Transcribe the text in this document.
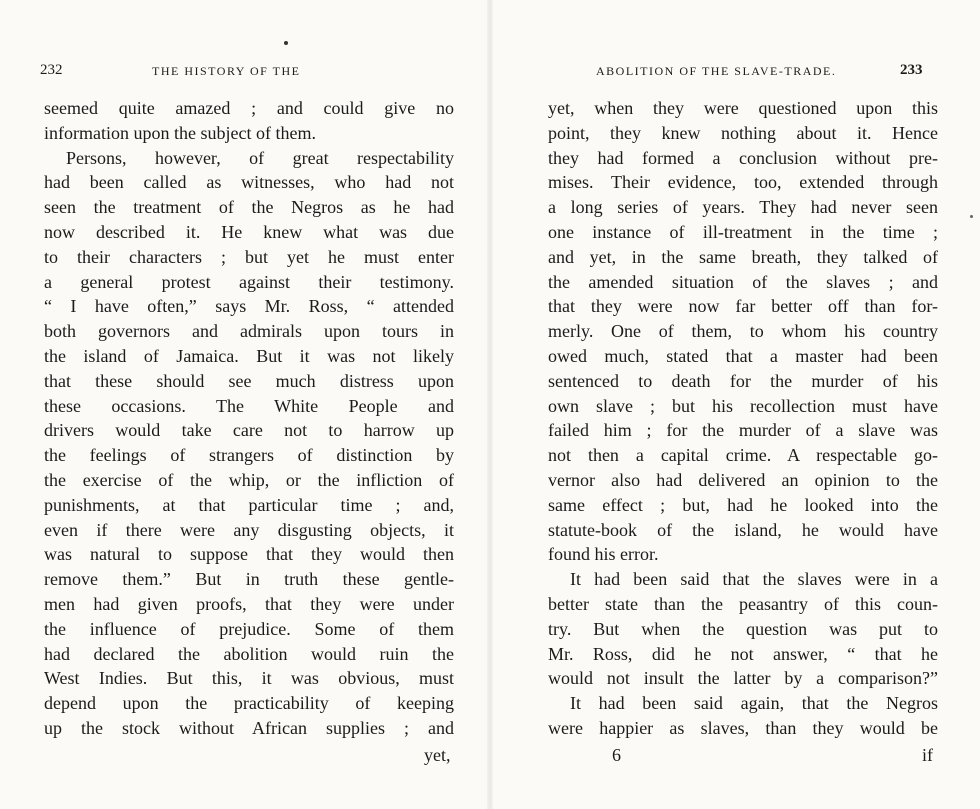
232	THE HISTORY OF THE
seemed quite amazed ; and could give no
information upon the subject of them.
Persons, however, of great respectability
had been called as witnesses, who had not
seen the treatment of the Negros as he had
now described it. He knew what was due
to their characters ; but yet he must enter
a general protest against their testimony.
“ I have often,” says Mr. Ross, “ attended
both governors and admirals upon tours in
the island of Jamaica. But it was not likely
that these should see much distress upon
these occasions. The White People and
drivers would take care not to harrow up
the feelings of strangers of distinction by
the exercise of the whip, or the infliction of
punishments, at that particular time ; and,
even if there were any disgusting objects, it
was natural to suppose that they would then
remove them.” But in truth these gentle-
men had given proofs, that they were under
the influence of prejudice. Some of them
had declared the abolition would ruin the
West Indies. But this, it was obvious, must
depend upon the practicability of keeping
up the stock without African supplies ; and
yet,
ABOLITION OF THE SLAVE-TRADE.	233
yet, when they were questioned upon this
point, they knew nothing about it. Hence
they had formed a conclusion without pre-
mises. Their evidence, too, extended through
a long series of years. They had never seen
one instance of ill-treatment in the time ;
and yet, in the same breath, they talked of
the amended situation of the slaves ; and
that they were now far better off than for-
merly. One of them, to whom his country
owed much, stated that a master had been
sentenced to death for the murder of his
own slave ; but his recollection must have
failed him ; for the murder of a slave was
not then a capital crime. A respectable go-
vernor also had delivered an opinion to the
same effect ; but, had he looked into the
statute-book of the island, he would have
found his error.
It had been said that the slaves were in a
better state than the peasantry of this coun-
try. But when the question was put to
Mr. Ross, did he not answer, “ that he
would not insult the latter by a comparison?”
It had been said again, that the Negros
were happier as slaves, than they would be
6	if
